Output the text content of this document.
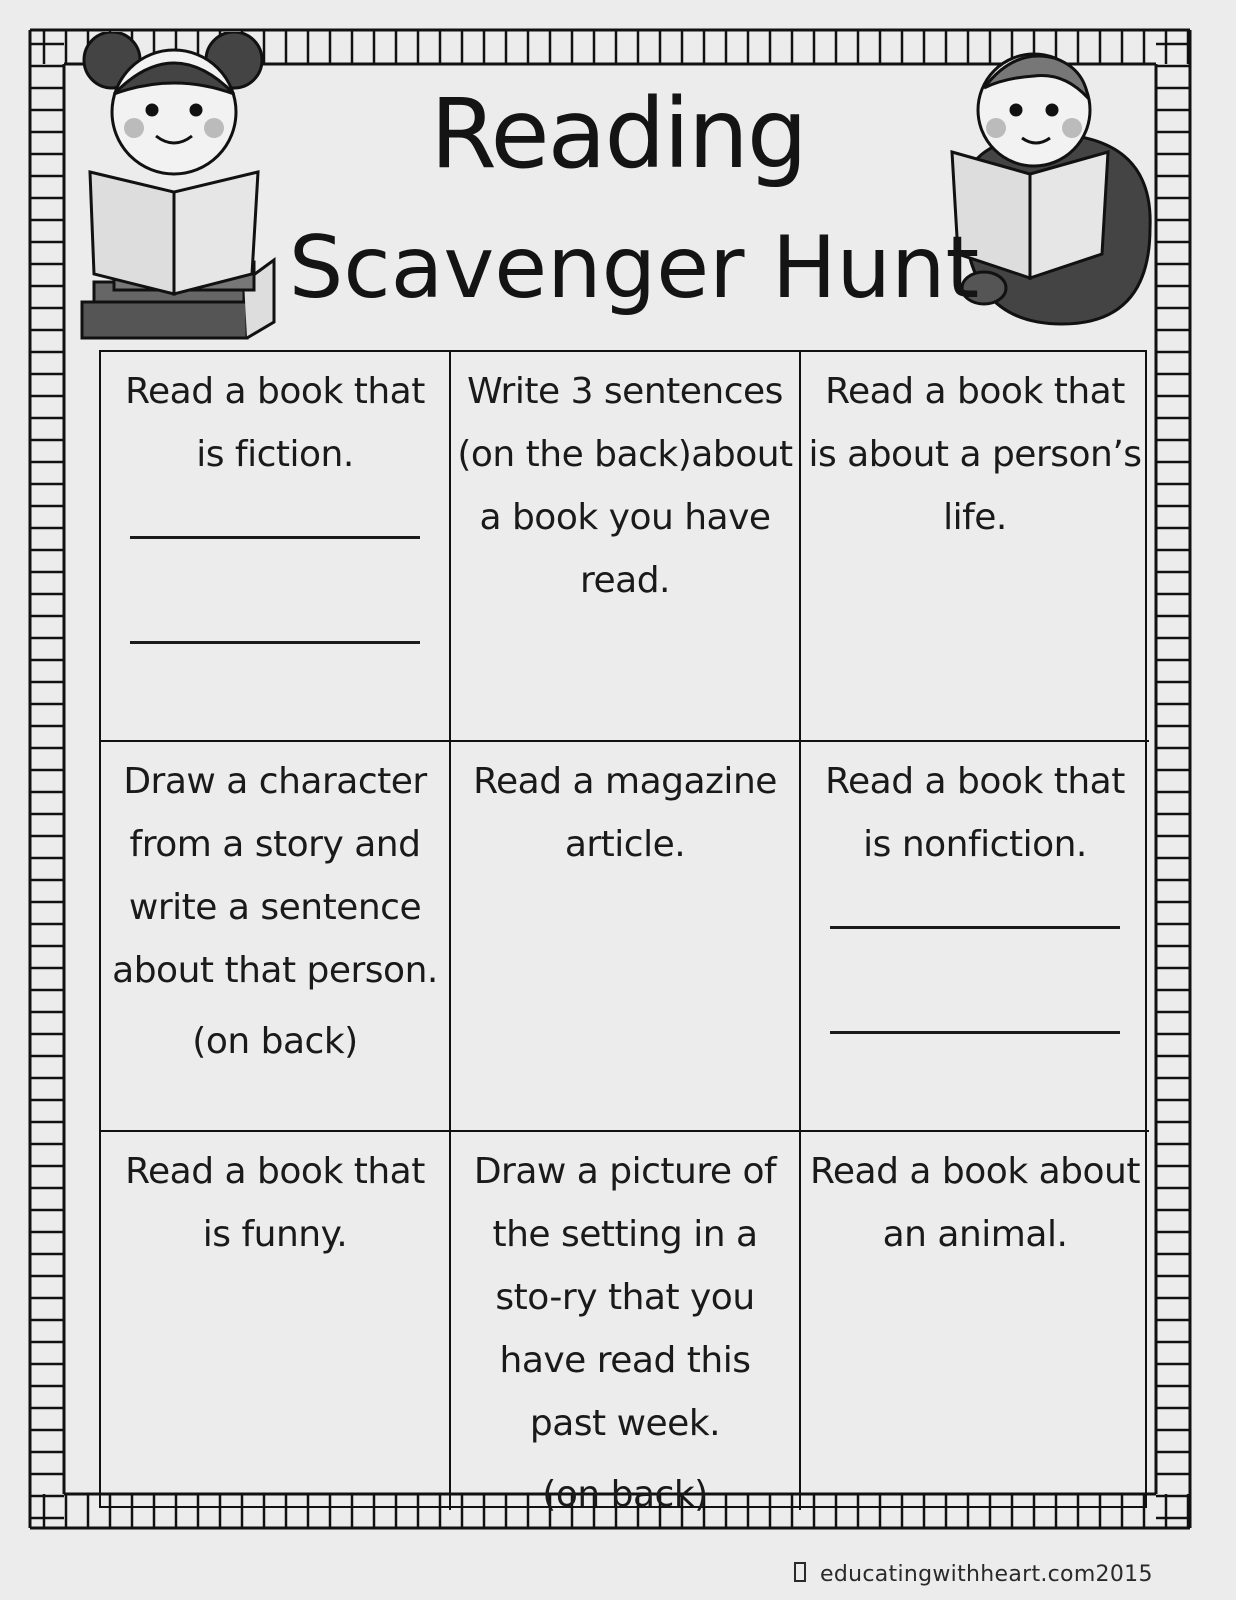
Reading
Scavenger Hunt
Read a book that is fiction.
Write 3 sentences (on the back)about a book you have read.
Read a book that is about a person’s life.
Draw a character from a story and write a sentence about that person.
(on back)
Read a magazine article.
Read a book that is nonfiction.
Read a book that is funny.
Draw a picture of the setting in a sto-ry that you have read this past week.
(on back)
Read a book about an animal.
educatingwithheart.com2015
